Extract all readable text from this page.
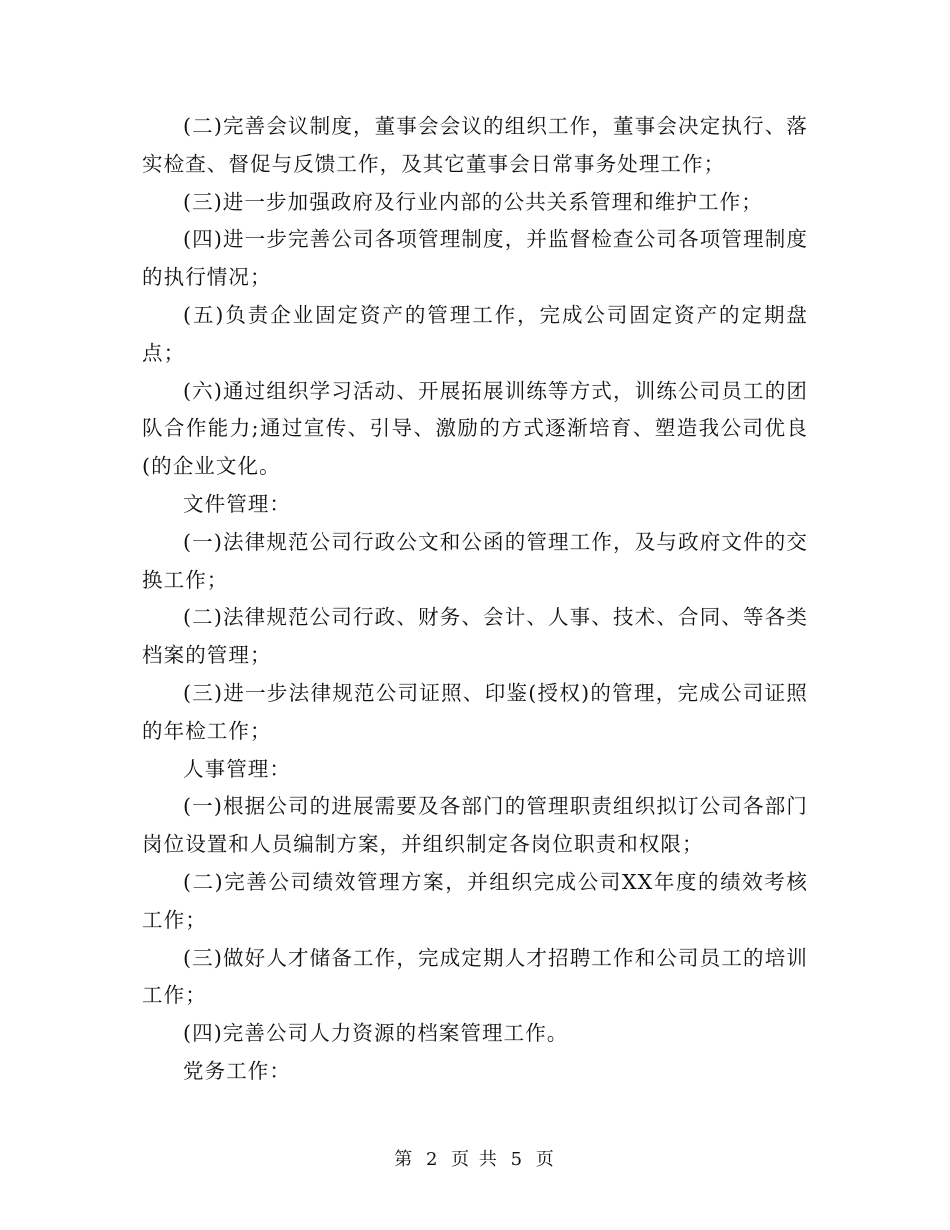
(二)完善会议制度，董事会会议的组织工作，董事会决定执行、落实检查、督促与反馈工作，及其它董事会日常事务处理工作；

(三)进一步加强政府及行业内部的公共关系管理和维护工作；

(四)进一步完善公司各项管理制度，并监督检查公司各项管理制度的执行情况；

(五)负责企业固定资产的管理工作，完成公司固定资产的定期盘点；

(六)通过组织学习活动、开展拓展训练等方式，训练公司员工的团队合作能力;通过宣传、引导、激励的方式逐渐培育、塑造我公司优良(的企业文化。

文件管理：

(一)法律规范公司行政公文和公函的管理工作，及与政府文件的交换工作；

(二)法律规范公司行政、财务、会计、人事、技术、合同、等各类档案的管理；

(三)进一步法律规范公司证照、印鉴(授权)的管理，完成公司证照的年检工作；

人事管理：

(一)根据公司的进展需要及各部门的管理职责组织拟订公司各部门岗位设置和人员编制方案，并组织制定各岗位职责和权限；

(二)完善公司绩效管理方案，并组织完成公司XX年度的绩效考核工作；

(三)做好人才储备工作，完成定期人才招聘工作和公司员工的培训工作；

(四)完善公司人力资源的档案管理工作。

党务工作：

第 2 页 共 5 页
